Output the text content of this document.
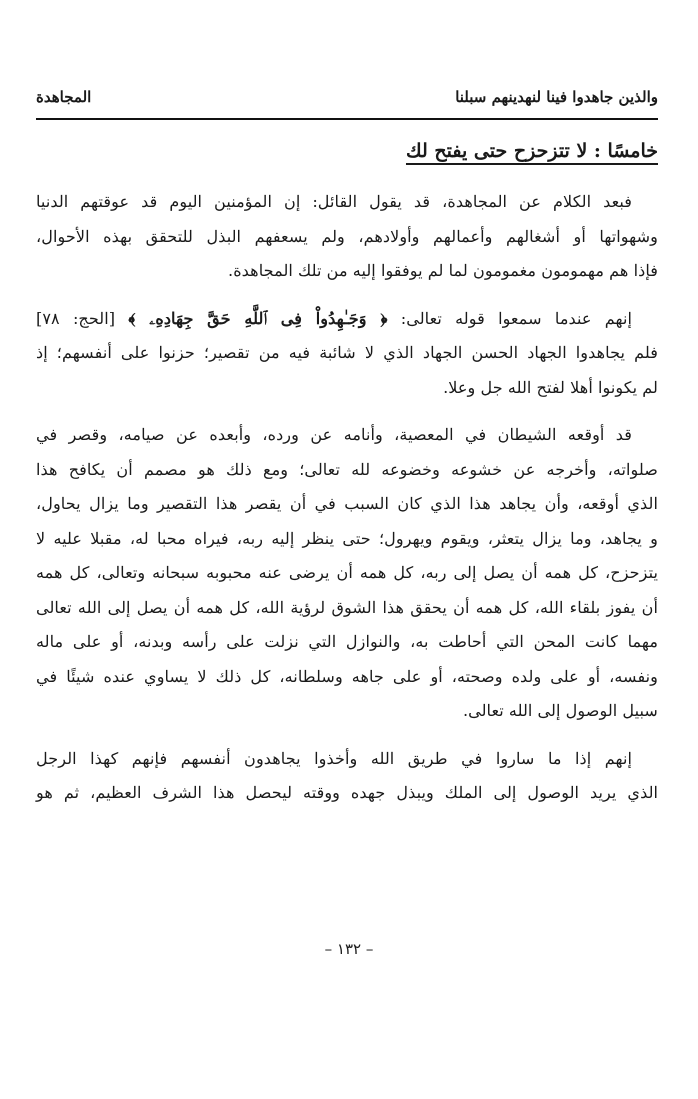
والذين جاهدوا فينا لنهدينهم سبلنا
المجاهدة
خامسًا : لا تتزحزح حتى يفتح لك

فبعد الكلام عن المجاهدة، قد يقول القائل: إن المؤمنين اليوم قد عوقتهم الدنيا
وشهواتها أو أشغالهم وأعمالهم وأولادهم، ولم يسعفهم البذل للتحقق بهذه الأحوال،
فإذا هم مهمومون مغمومون لما لم يوفقوا إليه من تلك المجاهدة.

إنهم عندما سمعوا قوله تعالى: ﴿ وَجَـٰهِدُواْ فِى ٱللَّهِ حَقَّ جِهَادِهِۦ ﴾ [الحج: ٧٨]
فلم يجاهدوا الجهاد الحسن الجهاد الذي لا شائبة فيه من تقصير؛ حزنوا على أنفسهم؛ إذ
لم يكونوا أهلا لفتح الله جل وعلا.

قد أوقعه الشيطان في المعصية، وأنامه عن ورده، وأبعده عن صيامه، وقصر في
صلواته، وأخرجه عن خشوعه وخضوعه لله تعالى؛ ومع ذلك هو مصمم أن يكافح هذا
الذي أوقعه، وأن يجاهد هذا الذي كان السبب في أن يقصر هذا التقصير وما يزال يحاول،
و يجاهد، وما يزال يتعثر، ويقوم ويهرول؛ حتى ينظر إليه ربه، فيراه محبا له، مقبلا عليه لا
يتزحزح، كل همه أن يصل إلى ربه، كل همه أن يرضى عنه محبوبه سبحانه وتعالى، كل همه
أن يفوز بلقاء الله، كل همه أن يحقق هذا الشوق لرؤية الله، كل همه أن يصل إلى الله تعالى
مهما كانت المحن التي أحاطت به، والنوازل التي نزلت على رأسه وبدنه، أو على ماله
ونفسه، أو على ولده وصحته، أو على جاهه وسلطانه، كل ذلك لا يساوي عنده شيئًا في
سبيل الوصول إلى الله تعالى.

إنهم إذا ما ساروا في طريق الله وأخذوا يجاهدون أنفسهم فإنهم كهذا الرجل
الذي يريد الوصول إلى الملك ويبذل جهده ووقته ليحصل هذا الشرف العظيم، ثم هو

– ١٣٢ –
